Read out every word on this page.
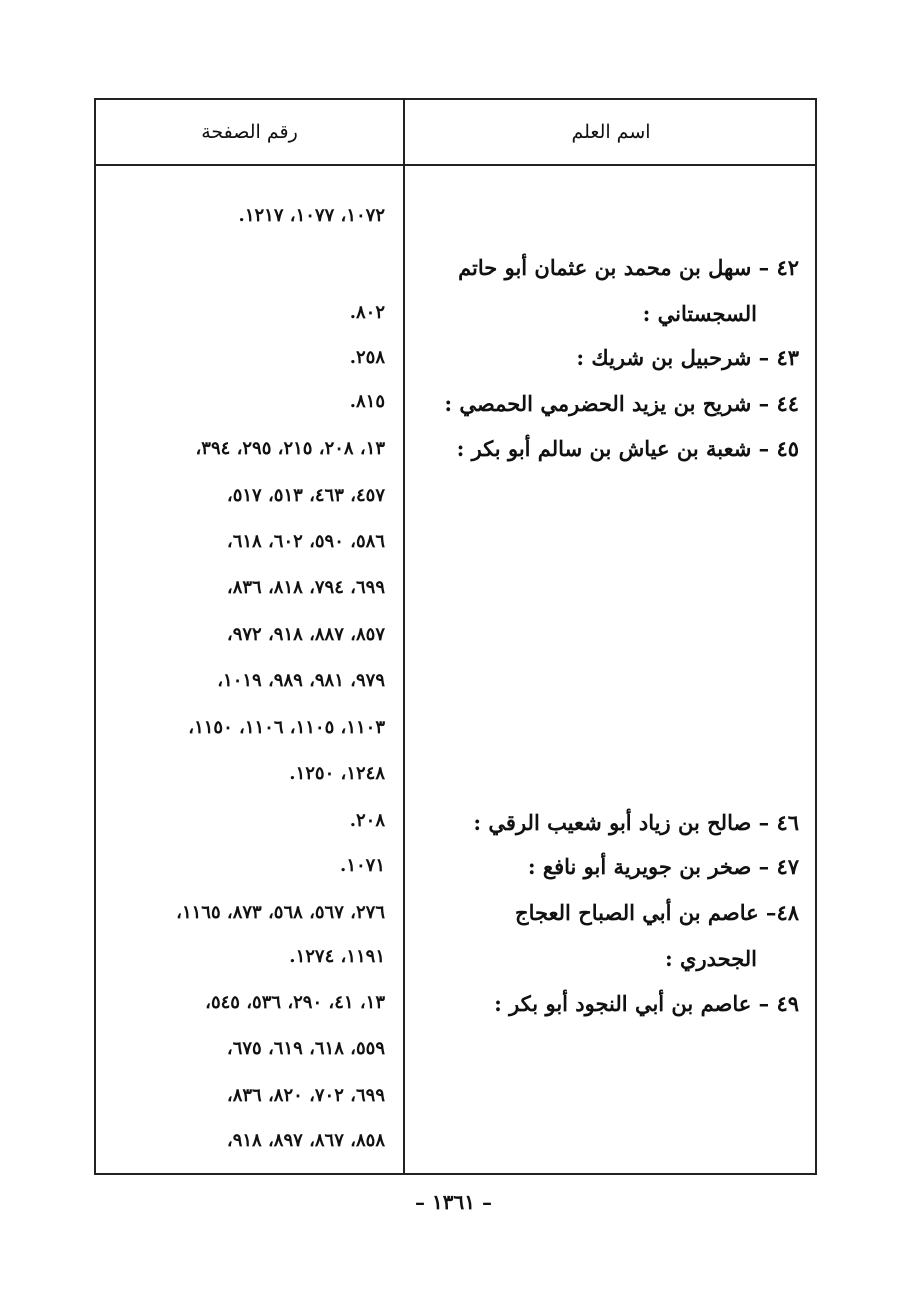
رقم الصفحة	اسم العلم
١٠٧٢، ١٠٧٧، ١٢١٧.
٨٠٢.
٢٥٨.
٨١٥.
١٣، ٢٠٨، ٢١٥، ٢٩٥، ٣٩٤،
٤٥٧، ٤٦٣، ٥١٣، ٥١٧،
٥٨٦، ٥٩٠، ٦٠٢، ٦١٨،
٦٩٩، ٧٩٤، ٨١٨، ٨٣٦،
٨٥٧، ٨٨٧، ٩١٨، ٩٧٢،
٩٧٩، ٩٨١، ٩٨٩، ١٠١٩،
١١٠٣، ١١٠٥، ١١٠٦، ١١٥٠،
١٢٤٨، ١٢٥٠.
٢٠٨.
١٠٧١.
٢٧٦، ٥٦٧، ٥٦٨، ٨٧٣، ١١٦٥،
١١٩١، ١٢٧٤.
١٣، ٤١، ٢٩٠، ٥٣٦، ٥٤٥،
٥٥٩، ٦١٨، ٦١٩، ٦٧٥،
٦٩٩، ٧٠٢، ٨٢٠، ٨٣٦،
٨٥٨، ٨٦٧، ٨٩٧، ٩١٨،
٤٢ – سهل بن محمد بن عثمان أبو حاتم
السجستاني :
٤٣ – شرحبيل بن شريك :
٤٤ – شريح بن يزيد الحضرمي الحمصي :
٤٥ – شعبة بن عياش بن سالم أبو بكر :
٤٦ – صالح بن زياد أبو شعيب الرقي :
٤٧ – صخر بن جويرية أبو نافع :
٤٨– عاصم بن أبي الصباح العجاج
الجحدري :
٤٩ – عاصم بن أبي النجود أبو بكر :
– ١٣٦١ –
